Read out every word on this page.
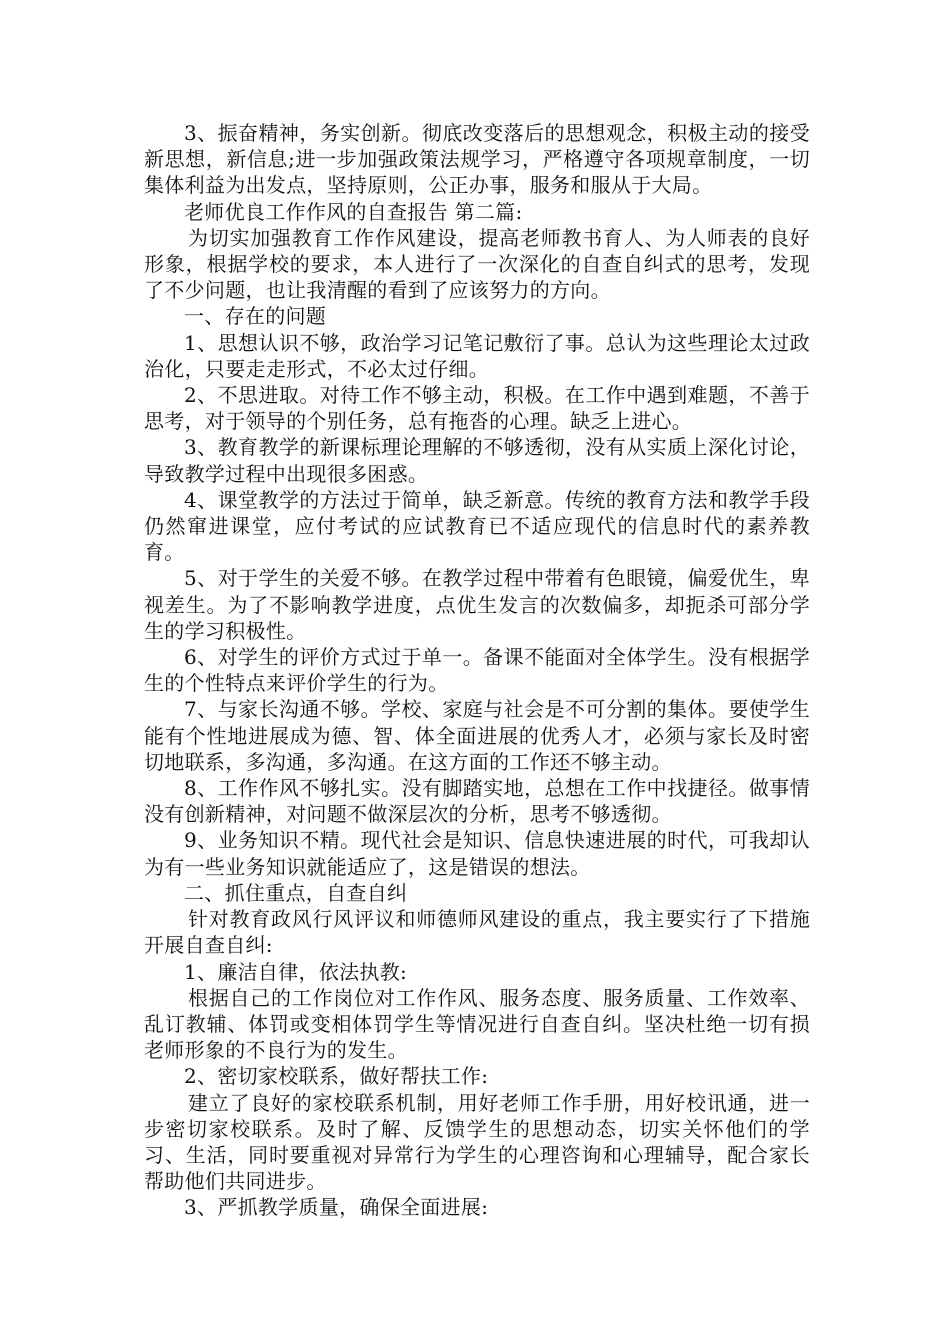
3、振奋精神，务实创新。彻底改变落后的思想观念，积极主动的接受新思想，新信息;进一步加强政策法规学习，严格遵守各项规章制度，一切集体利益为出发点，坚持原则，公正办事，服务和服从于大局。

老师优良工作作风的自查报告 第二篇:

为切实加强教育工作作风建设，提高老师教书育人、为人师表的良好形象，根据学校的要求，本人进行了一次深化的自查自纠式的思考，发现了不少问题，也让我清醒的看到了应该努力的方向。

一、存在的问题

1、思想认识不够，政治学习记笔记敷衍了事。总认为这些理论太过政治化，只要走走形式，不必太过仔细。

2、不思进取。对待工作不够主动，积极。在工作中遇到难题，不善于思考，对于领导的个别任务，总有拖沓的心理。缺乏上进心。

3、教育教学的新课标理论理解的不够透彻，没有从实质上深化讨论，导致教学过程中出现很多困惑。

4、课堂教学的方法过于简单，缺乏新意。传统的教育方法和教学手段仍然窜进课堂，应付考试的应试教育已不适应现代的信息时代的素养教育。

5、对于学生的关爱不够。在教学过程中带着有色眼镜，偏爱优生，卑视差生。为了不影响教学进度，点优生发言的次数偏多，却扼杀可部分学生的学习积极性。

6、对学生的评价方式过于单一。备课不能面对全体学生。没有根据学生的个性特点来评价学生的行为。

7、与家长沟通不够。学校、家庭与社会是不可分割的集体。要使学生能有个性地进展成为德、智、体全面进展的优秀人才，必须与家长及时密切地联系，多沟通，多沟通。在这方面的工作还不够主动。

8、工作作风不够扎实。没有脚踏实地，总想在工作中找捷径。做事情没有创新精神，对问题不做深层次的分析，思考不够透彻。

9、业务知识不精。现代社会是知识、信息快速进展的时代，可我却认为有一些业务知识就能适应了，这是错误的想法。

二、抓住重点，自查自纠

针对教育政风行风评议和师德师风建设的重点，我主要实行了下措施开展自查自纠:

1、廉洁自律，依法执教:

根据自己的工作岗位对工作作风、服务态度、服务质量、工作效率、乱订教辅、体罚或变相体罚学生等情况进行自查自纠。坚决杜绝一切有损老师形象的不良行为的发生。

2、密切家校联系，做好帮扶工作:

建立了良好的家校联系机制，用好老师工作手册，用好校讯通，进一步密切家校联系。及时了解、反馈学生的思想动态，切实关怀他们的学习、生活，同时要重视对异常行为学生的心理咨询和心理辅导，配合家长帮助他们共同进步。

3、严抓教学质量，确保全面进展:
